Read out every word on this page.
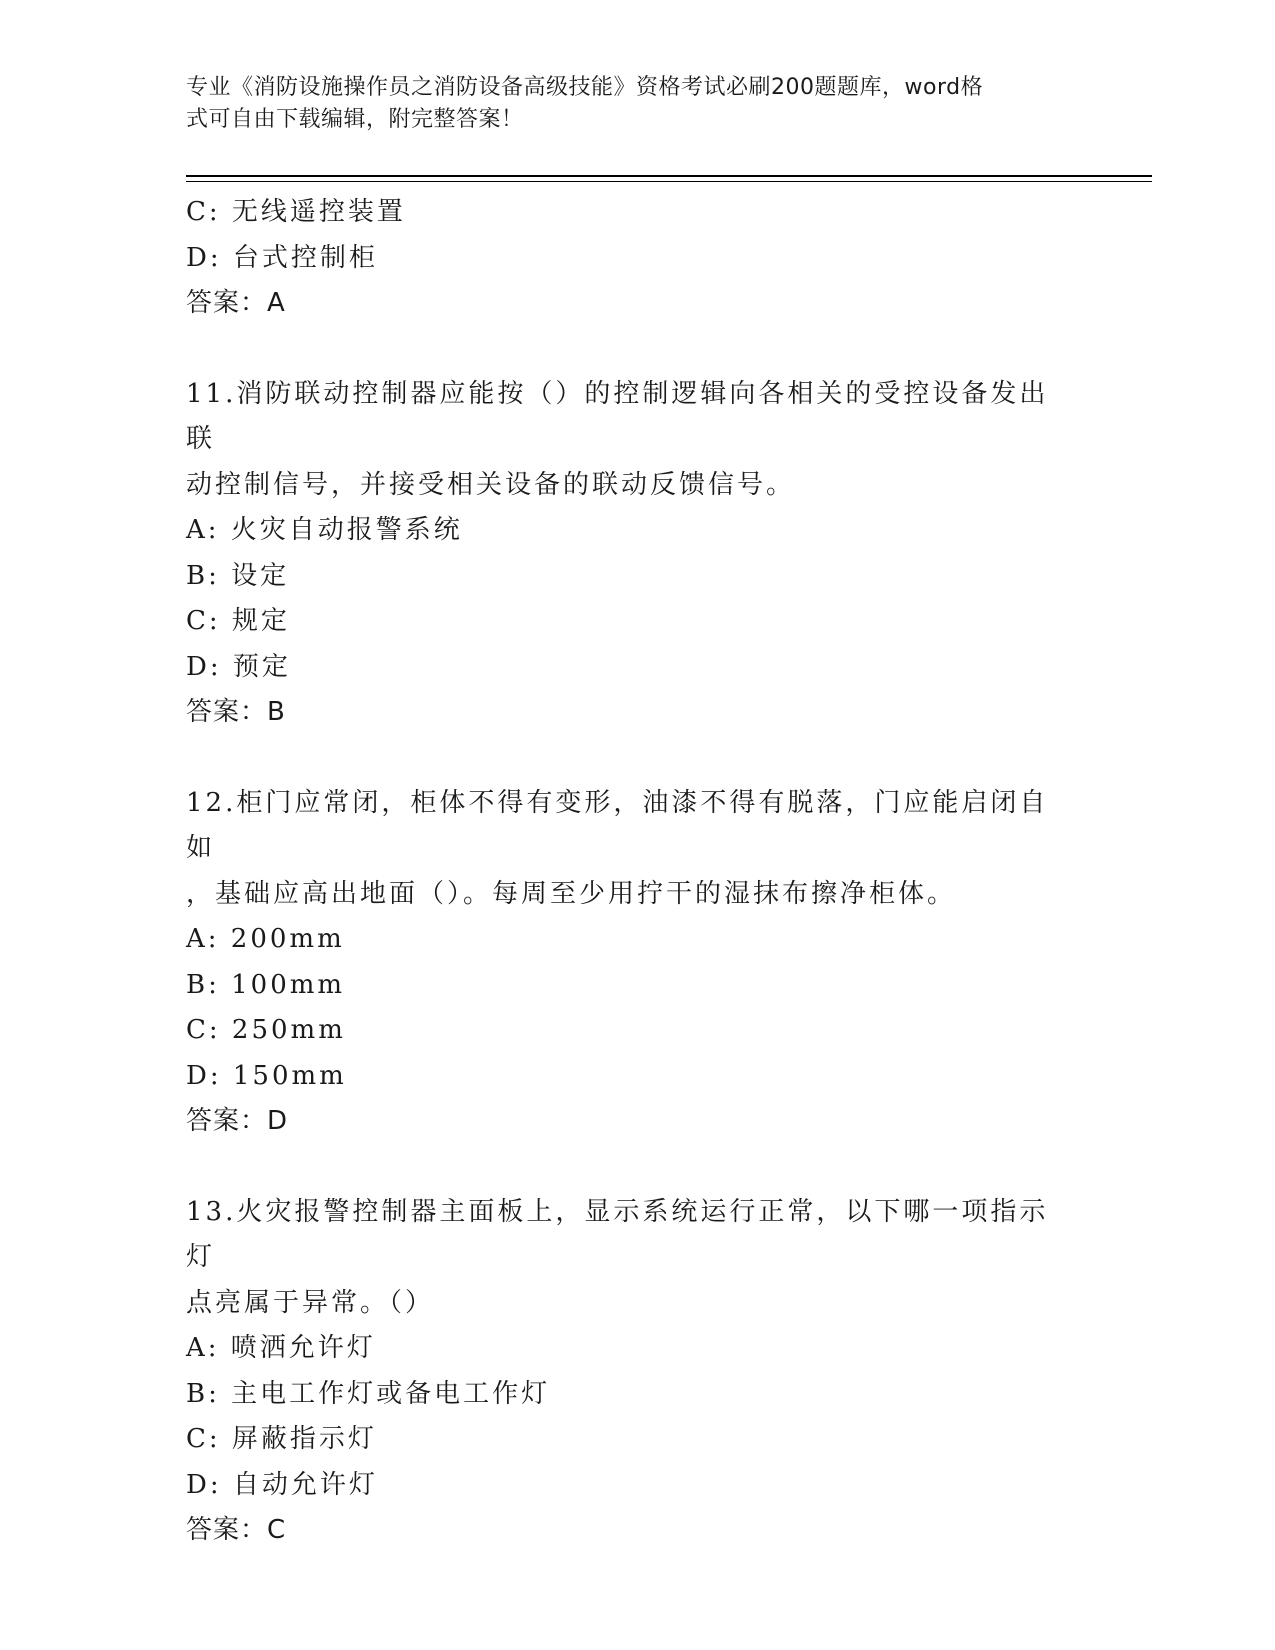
专业《消防设施操作员之消防设备高级技能》资格考试必刷200题题库，word格
式可自由下载编辑，附完整答案！
C: 无线遥控装置
D: 台式控制柜
答案：A
11.消防联动控制器应能按（）的控制逻辑向各相关的受控设备发出联
动控制信号，并接受相关设备的联动反馈信号。
A: 火灾自动报警系统
B: 设定
C: 规定
D: 预定
答案：B
12.柜门应常闭，柜体不得有变形，油漆不得有脱落，门应能启闭自如
，基础应高出地面（）。每周至少用拧干的湿抹布擦净柜体。
A: 200mm
B: 100mm
C: 250mm
D: 150mm
答案：D
13.火灾报警控制器主面板上，显示系统运行正常，以下哪一项指示灯
点亮属于异常。（）
A: 喷洒允许灯
B: 主电工作灯或备电工作灯
C: 屏蔽指示灯
D: 自动允许灯
答案：C
